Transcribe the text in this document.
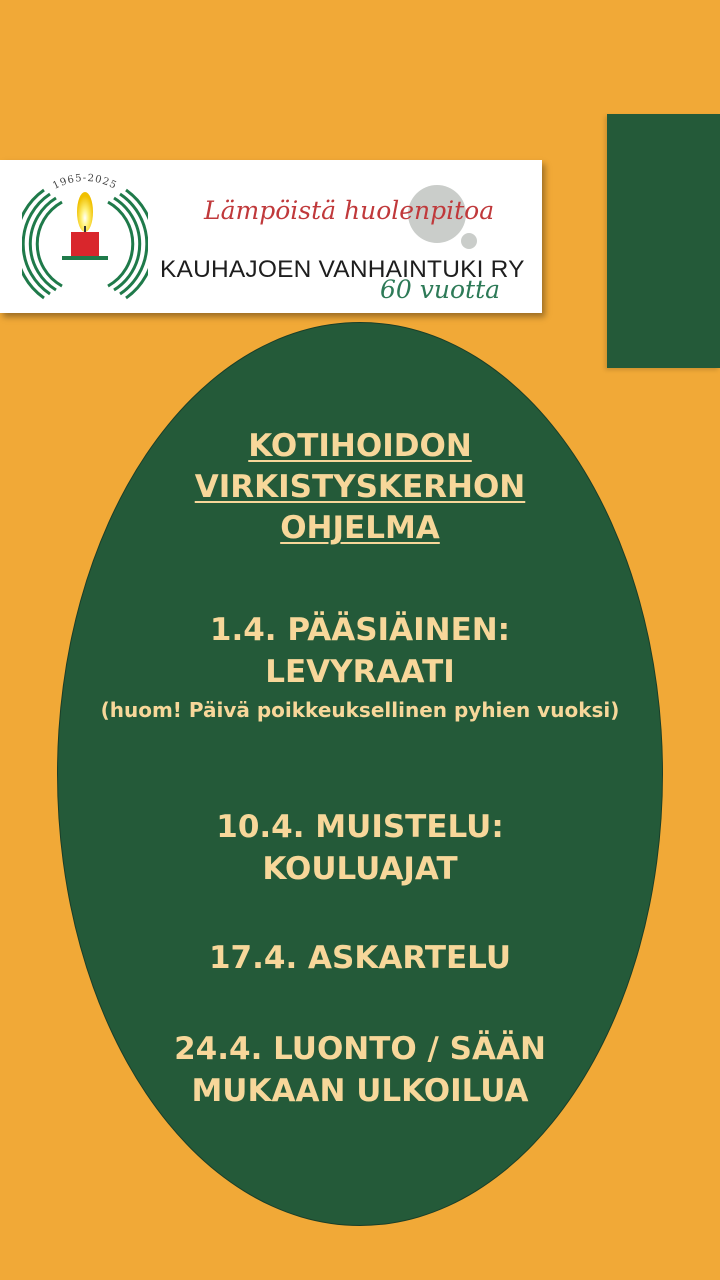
1965-2025
Lämpöistä huolenpitoa
KAUHAJOEN VANHAINTUKI RY
60 vuotta
KOTIHOIDON
VIRKISTYSKERHON
OHJELMA
1.4. PÄÄSIÄINEN:
LEVYRAATI
(huom! Päivä poikkeuksellinen pyhien vuoksi)
10.4. MUISTELU:
KOULUAJAT
17.4. ASKARTELU
24.4. LUONTO / SÄÄN
MUKAAN ULKOILUA
